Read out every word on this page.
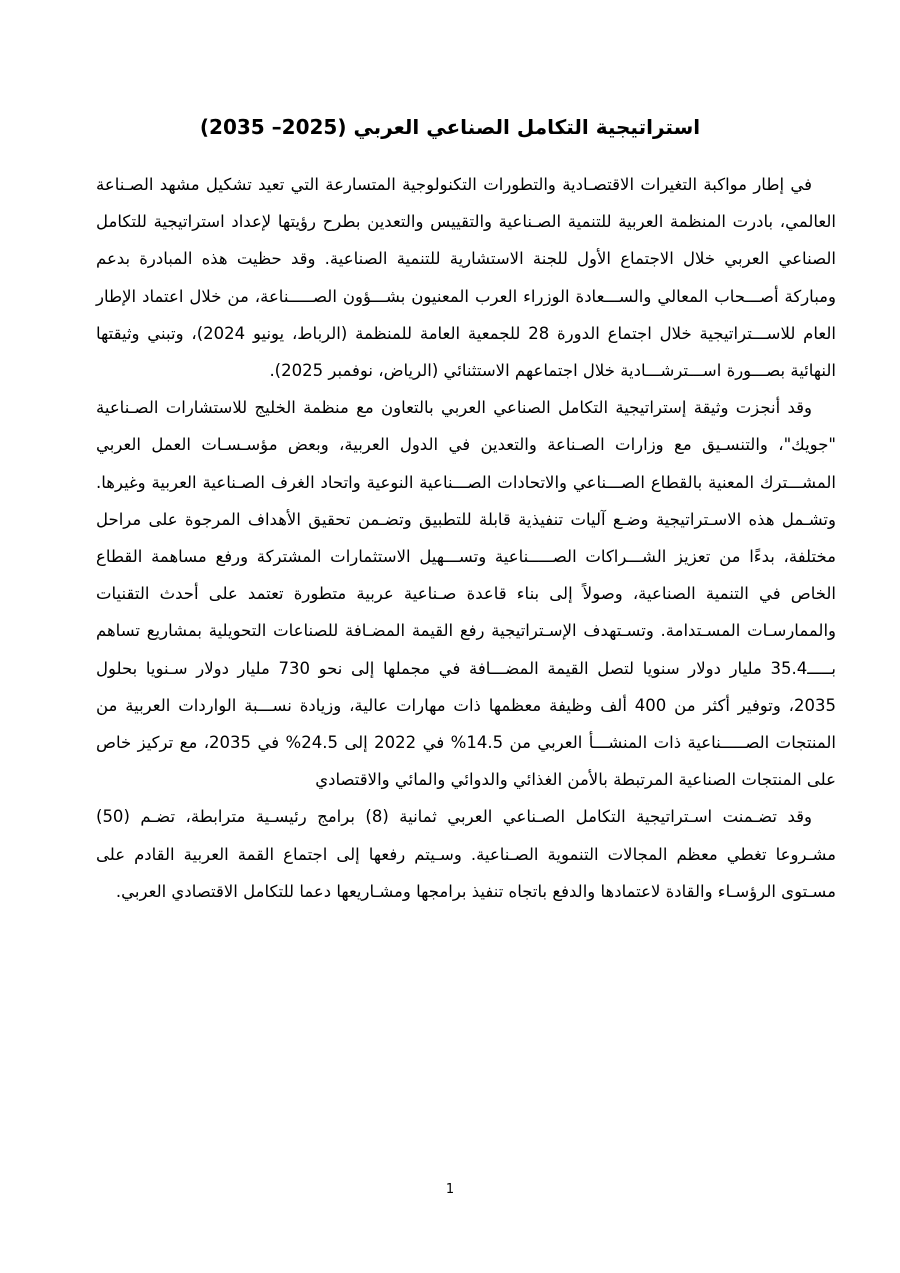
استراتيجية التكامل الصناعي العربي (2025– 2035)

في إطار مواكبة التغيرات الاقتصـادية والتطورات التكنولوجية المتسارعة التي تعيد تشكيل مشهد الصـناعة العالمي، بادرت المنظمة العربية للتنمية الصـناعية والتقييس والتعدين بطرح رؤيتها لإعداد استراتيجية للتكامل الصناعي العربي خلال الاجتماع الأول للجنة الاستشارية للتنمية الصناعية. وقد حظيت هذه المبادرة بدعم ومباركة أصـــحاب المعالي والســـعادة الوزراء العرب المعنيون بشـــؤون الصـــــناعة، من خلال اعتماد الإطار العام للاســـتراتيجية خلال اجتماع الدورة 28 للجمعية العامة للمنظمة (الرباط، يونيو 2024)، وتبني وثيقتها النهائية بصـــورة اســـترشـــادية خلال اجتماعهم الاستثنائي (الرياض، نوفمبر 2025).

وقد أنجزت وثيقة إستراتيجية التكامل الصناعي العربي بالتعاون مع منظمة الخليج للاستشارات الصـناعية "جويك"، والتنسـيق مع وزارات الصـناعة والتعدين في الدول العربية، وبعض مؤسـسـات العمل العربي المشـــترك المعنية بالقطاع الصـــناعي والاتحادات الصـــناعية النوعية واتحاد الغرف الصـناعية العربية وغيرها. وتشـمل هذه الاسـتراتيجية وضـع آليات تنفيذية قابلة للتطبيق وتضـمن تحقيق الأهداف المرجوة على مراحل مختلفة، بدءًا من تعزيز الشـــراكات الصـــــناعية وتســـهيل الاستثمارات المشتركة ورفع مساهمة القطاع الخاص في التنمية الصناعية، وصولاً إلى بناء قاعدة صـناعية عربية متطورة تعتمد على أحدث التقنيات والممارسـات المسـتدامة. وتسـتهدف الإسـتراتيجية رفع القيمة المضـافة للصناعات التحويلية بمشاريع تساهم بـــــ35.4 مليار دولار سنويا لتصل القيمة المضـــافة في مجملها إلى نحو 730 مليار دولار سـنويا بحلول 2035، وتوفير أكثر من 400 ألف وظيفة معظمها ذات مهارات عالية، وزيادة نســـبة الواردات العربية من المنتجات الصـــــناعية ذات المنشـــأ العربي من 14.5% في 2022 إلى 24.5% في 2035، مع تركيز خاص على المنتجات الصناعية المرتبطة بالأمن الغذائي والدوائي والمائي والاقتصادي

وقد تضـمنت اسـتراتيجية التكامل الصـناعي العربي ثمانية (8) برامج رئيسـية مترابطة، تضـم (50) مشـروعا تغطي معظم المجالات التنموية الصـناعية. وسـيتم رفعها إلى اجتماع القمة العربية القادم على مسـتوى الرؤسـاء والقادة لاعتمادها والدفع باتجاه تنفيذ برامجها ومشـاريعها دعما للتكامل الاقتصادي العربي.

1
